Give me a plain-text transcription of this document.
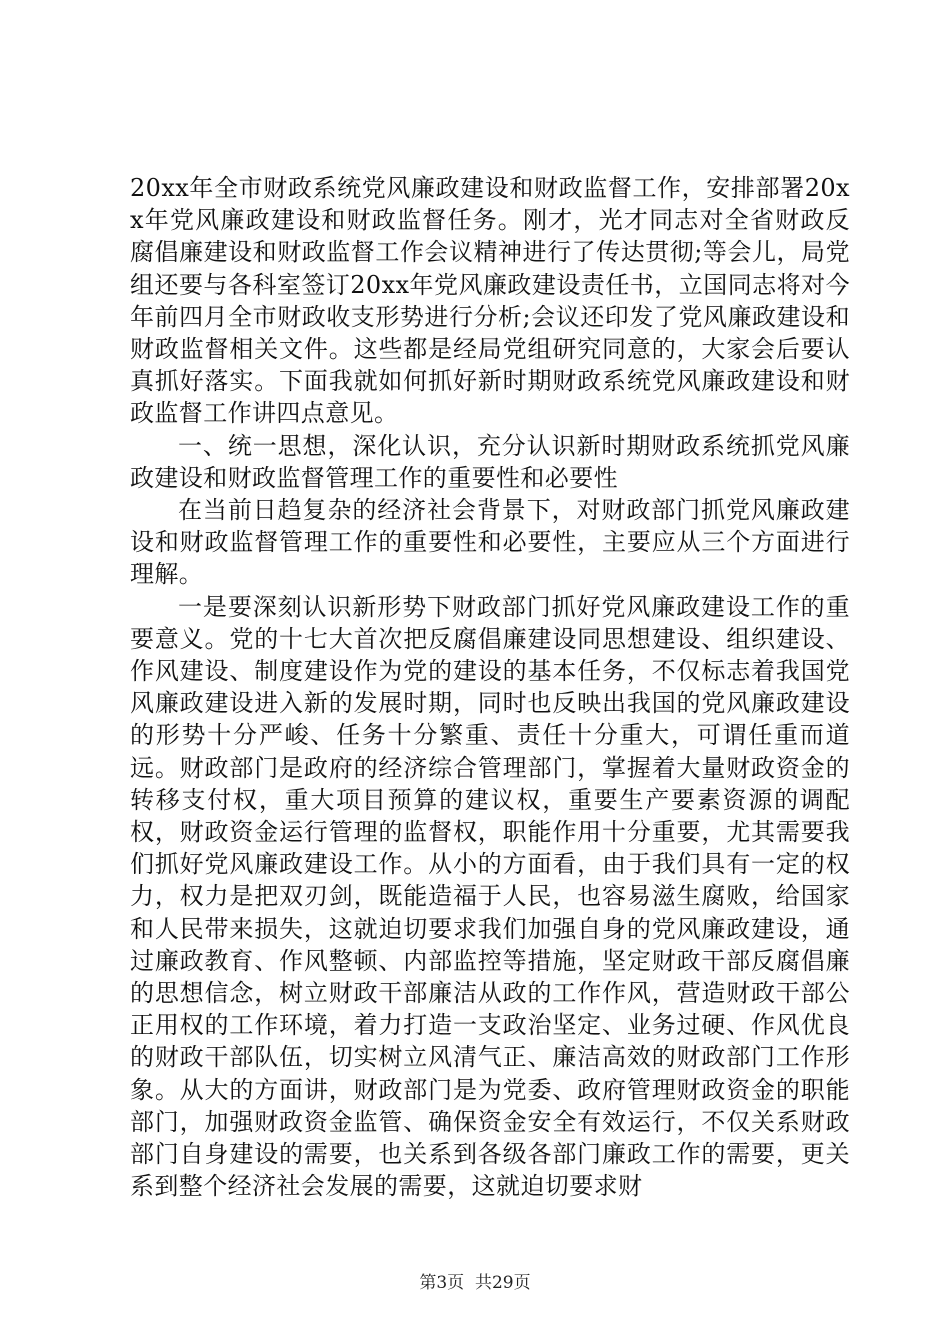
20xx年全市财政系统党风廉政建设和财政监督工作，安排部署20xx年党风廉政建设和财政监督任务。刚才，光才同志对全省财政反腐倡廉建设和财政监督工作会议精神进行了传达贯彻;等会儿，局党组还要与各科室签订20xx年党风廉政建设责任书，立国同志将对今年前四月全市财政收支形势进行分析;会议还印发了党风廉政建设和财政监督相关文件。这些都是经局党组研究同意的，大家会后要认真抓好落实。下面我就如何抓好新时期财政系统党风廉政建设和财政监督工作讲四点意见。

一、统一思想，深化认识，充分认识新时期财政系统抓党风廉政建设和财政监督管理工作的重要性和必要性

在当前日趋复杂的经济社会背景下，对财政部门抓党风廉政建设和财政监督管理工作的重要性和必要性，主要应从三个方面进行理解。

一是要深刻认识新形势下财政部门抓好党风廉政建设工作的重要意义。党的十七大首次把反腐倡廉建设同思想建设、组织建设、作风建设、制度建设作为党的建设的基本任务，不仅标志着我国党风廉政建设进入新的发展时期，同时也反映出我国的党风廉政建设的形势十分严峻、任务十分繁重、责任十分重大，可谓任重而道远。财政部门是政府的经济综合管理部门，掌握着大量财政资金的转移支付权，重大项目预算的建议权，重要生产要素资源的调配权，财政资金运行管理的监督权，职能作用十分重要，尤其需要我们抓好党风廉政建设工作。从小的方面看，由于我们具有一定的权力，权力是把双刃剑，既能造福于人民，也容易滋生腐败，给国家和人民带来损失，这就迫切要求我们加强自身的党风廉政建设，通过廉政教育、作风整顿、内部监控等措施，坚定财政干部反腐倡廉的思想信念，树立财政干部廉洁从政的工作作风，营造财政干部公正用权的工作环境，着力打造一支政治坚定、业务过硬、作风优良的财政干部队伍，切实树立风清气正、廉洁高效的财政部门工作形象。从大的方面讲，财政部门是为党委、政府管理财政资金的职能部门，加强财政资金监管、确保资金安全有效运行，不仅关系财政部门自身建设的需要，也关系到各级各部门廉政工作的需要，更关系到整个经济社会发展的需要，这就迫切要求财

第3页  共29页
